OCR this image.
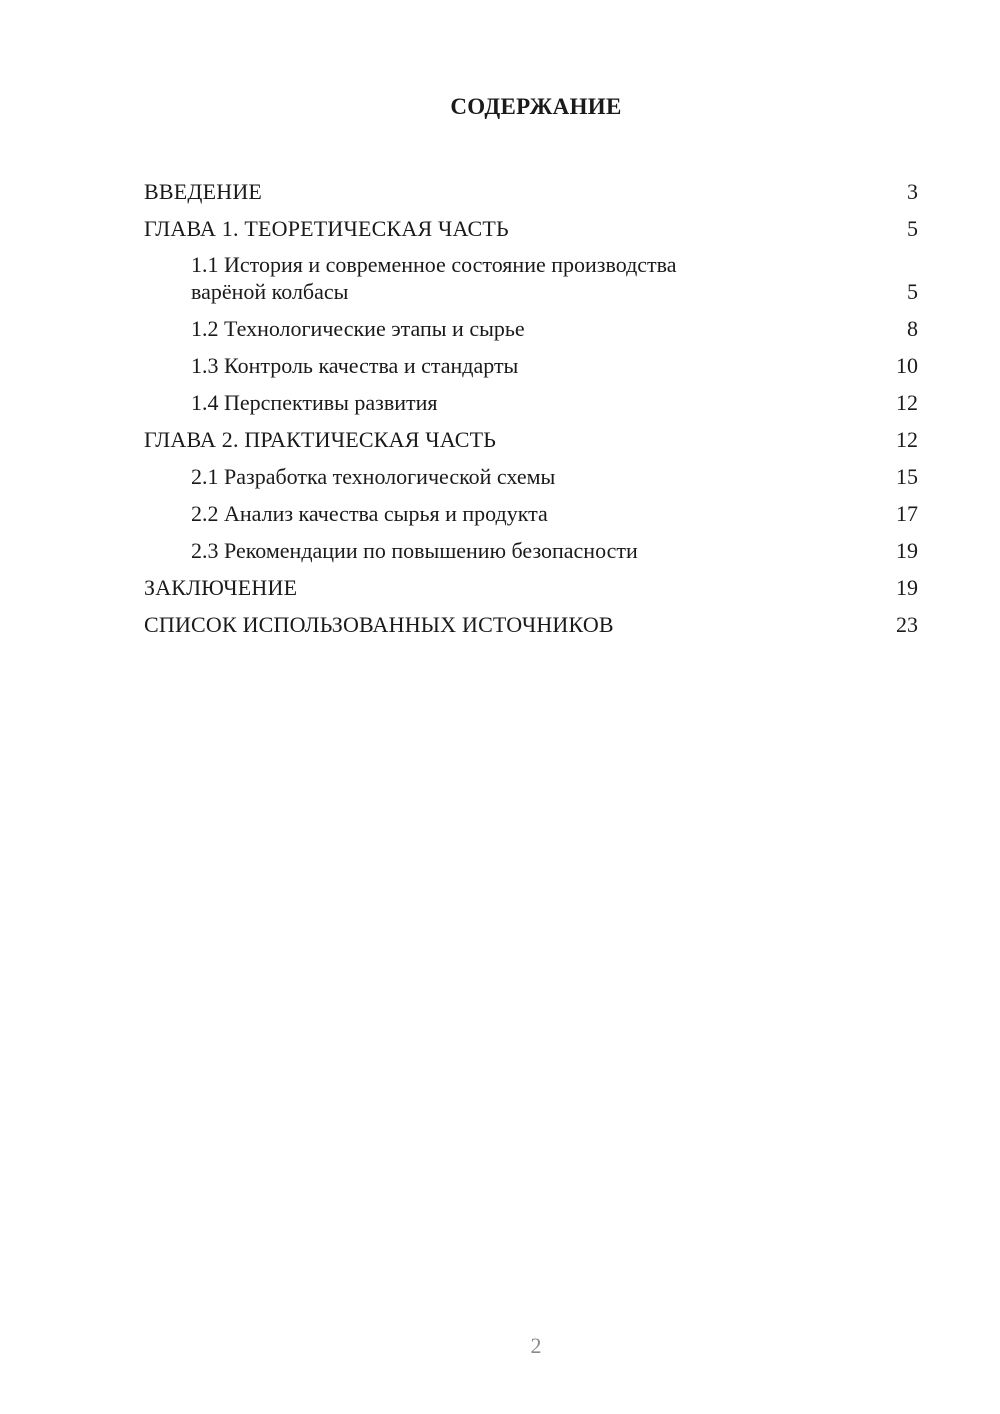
СОДЕРЖАНИЕ
ВВЕДЕНИЕ	3
ГЛАВА 1. ТЕОРЕТИЧЕСКАЯ ЧАСТЬ	5
1.1 История и современное состояние производства варёной колбасы	5
1.2 Технологические этапы и сырье	8
1.3 Контроль качества и стандарты	10
1.4 Перспективы развития	12
ГЛАВА 2. ПРАКТИЧЕСКАЯ ЧАСТЬ	12
2.1 Разработка технологической схемы	15
2.2 Анализ качества сырья и продукта	17
2.3 Рекомендации по повышению безопасности	19
ЗАКЛЮЧЕНИЕ	19
СПИСОК ИСПОЛЬЗОВАННЫХ ИСТОЧНИКОВ	23
2
